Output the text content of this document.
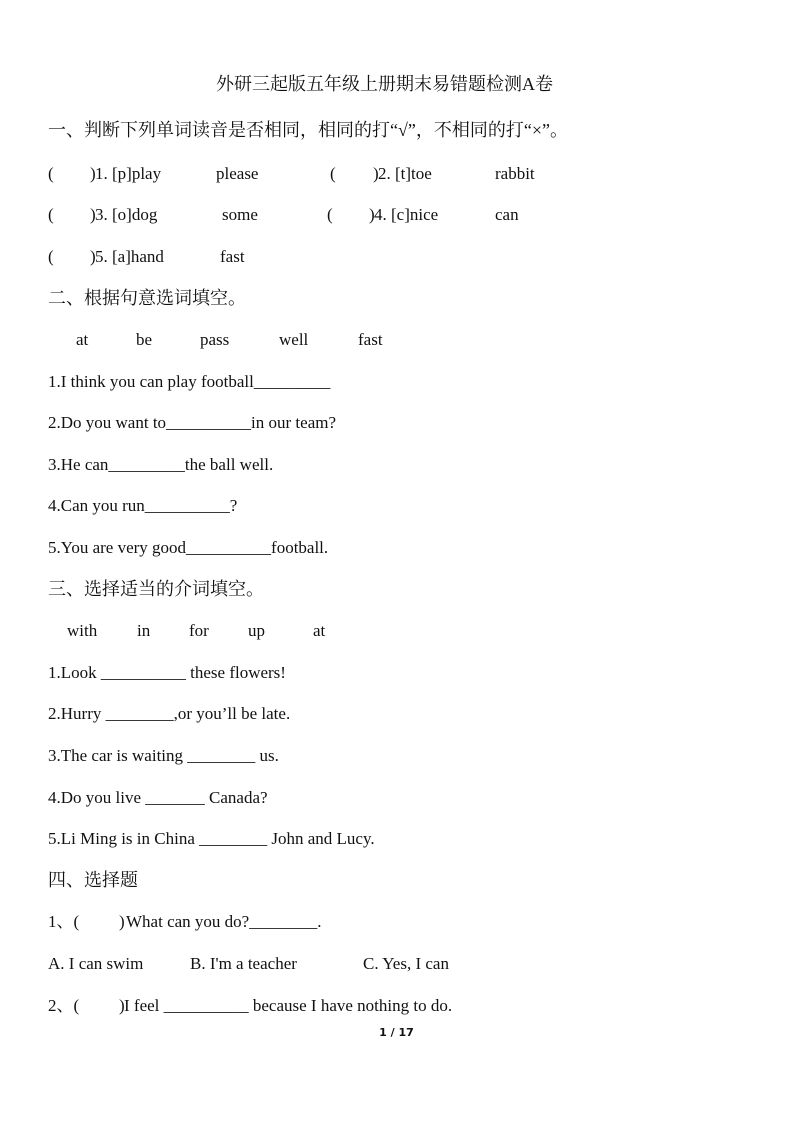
外研三起版五年级上册期末易错题检测A卷
一、判断下列单词读音是否相同，相同的打“√”，不相同的打“×”。
( ) 1. [p]play	please	( ) 2. [t]toe	rabbit
( ) 3. [o]dog	some	( ) 4. [c]nice	can
( ) 5. [a]hand	fast
二、根据句意选词填空。
at	be	pass	well	fast
1.I think you can play football_________
2.Do you want to__________in our team?
3.He can_________the ball well.
4.Can you run__________?
5.You are very good__________football.
三、选择适当的介词填空。
with in for up	at
1.Look __________ these flowers!
2.Hurry ________,or you’ll be late.
3.The car is waiting ________ us.
4.Do you live _______ Canada?
5.Li Ming is in China ________ John and Lucy.
四、选择题
1、( ) What can you do?________.
A. I can swim	B. I'm a teacher	C. Yes, I can
2、( ) I feel __________ because I have nothing to do.
1 / 17
